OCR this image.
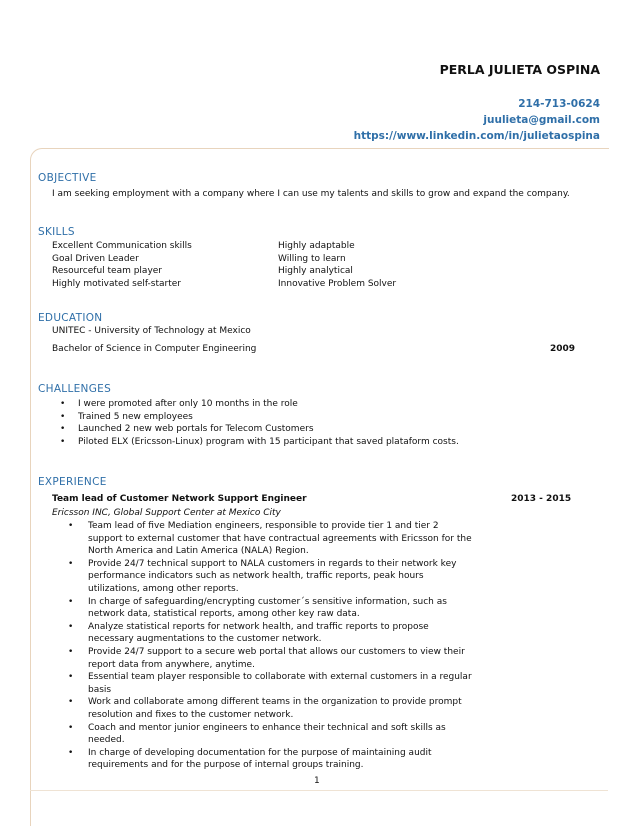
PERLA JULIETA OSPINA
214-713-0624
juulieta@gmail.com
https://www.linkedin.com/in/julietaospina
OBJECTIVE
I am seeking employment with a company where I can use my talents and skills to grow and expand the company.
SKILLS
Excellent Communication skills
Goal Driven Leader
Resourceful team player
Highly motivated self-starter
Highly adaptable
Willing to learn
Highly analytical
Innovative Problem Solver
EDUCATION
UNITEC - University of Technology at Mexico
Bachelor of Science in Computer Engineering	2009
CHALLENGES
• I were promoted after only 10 months in the role
• Trained 5 new employees
• Launched 2 new web portals for Telecom Customers
• Piloted ELX (Ericsson-Linux) program with 15 participant that saved plataform costs.
EXPERIENCE
Team lead of Customer Network Support Engineer	2013 - 2015
Ericsson INC, Global Support Center at Mexico City
• Team lead of five Mediation engineers, responsible to provide tier 1 and tier 2 support to external customer that have contractual agreements with Ericsson for the North America and Latin America (NALA) Region.
• Provide 24/7 technical support to NALA customers in regards to their network key performance indicators such as network health, traffic reports, peak hours utilizations, among other reports.
• In charge of safeguarding/encrypting customer´s sensitive information, such as network data, statistical reports, among other key raw data.
• Analyze statistical reports for network health, and traffic reports to propose necessary augmentations to the customer network.
• Provide 24/7 support to a secure web portal that allows our customers to view their report data from anywhere, anytime.
• Essential team player responsible to collaborate with external customers in a regular basis
• Work and collaborate among different teams in the organization to provide prompt resolution and fixes to the customer network.
• Coach and mentor junior engineers to enhance their technical and soft skills as needed.
• In charge of developing documentation for the purpose of maintaining audit requirements and for the purpose of internal groups training.
1
